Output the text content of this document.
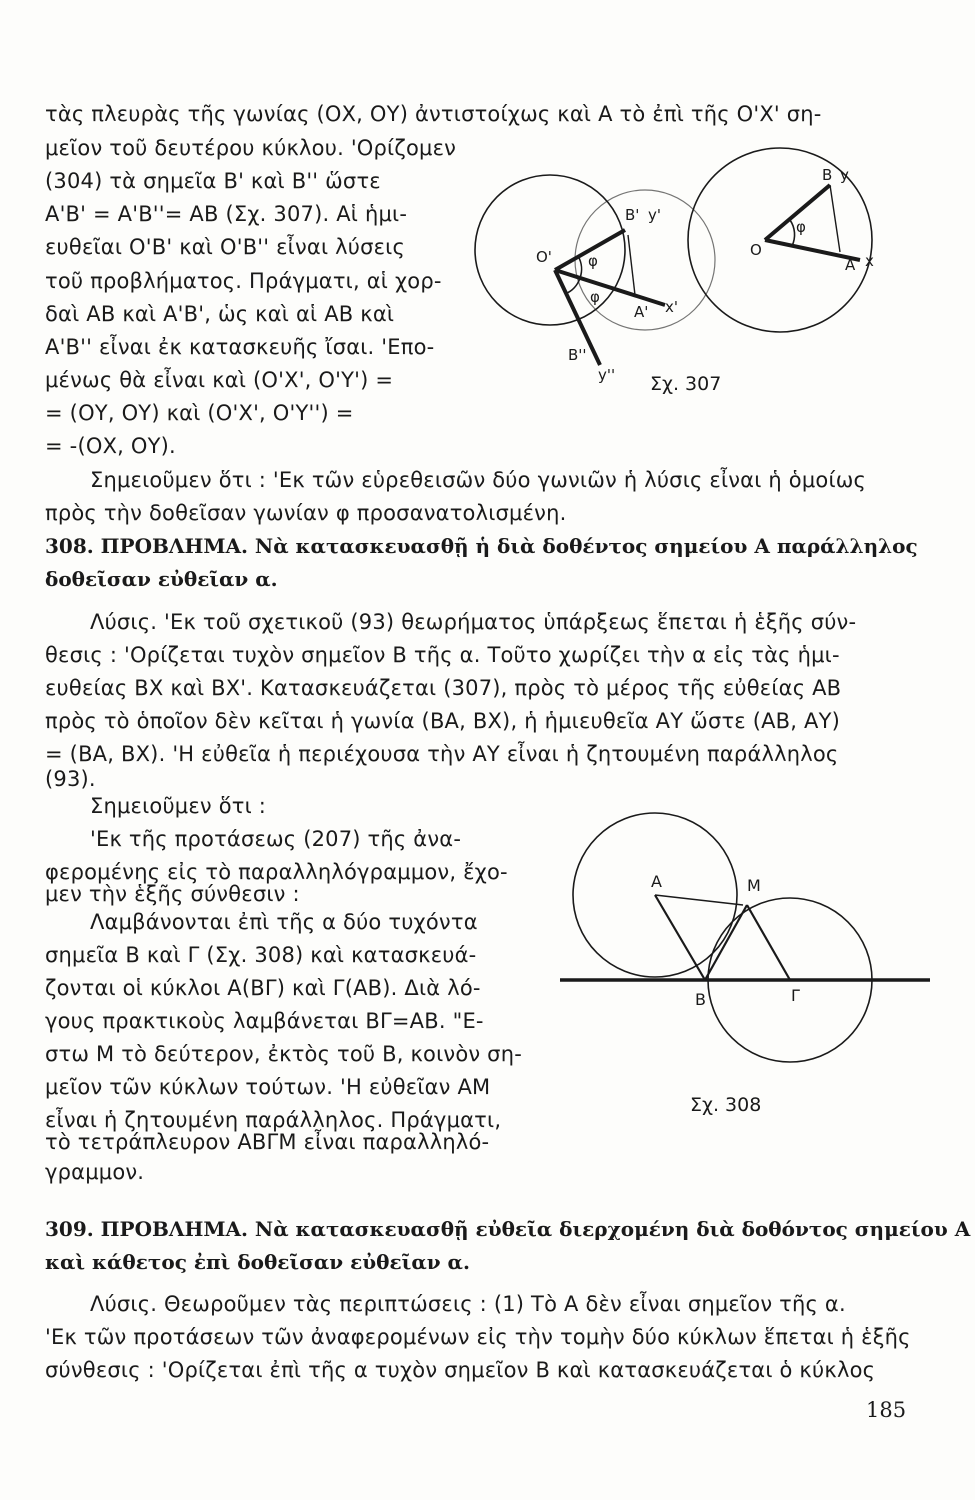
τὰς πλευρὰς τῆς γωνίας (ΟΧ, ΟΥ) ἀντιστοίχως καὶ Α τὸ ἐπὶ τῆς Ο'Χ' ση-
μεῖον τοῦ δευτέρου κύκλου. 'Ορίζομεν
(304) τὰ σημεῖα Β' καὶ Β'' ὥστε
Α'Β' = Α'Β''= ΑΒ (Σχ. 307). Αἱ ἡμι-
ευθεῖαι Ο'Β' καὶ Ο'Β'' εἶναι λύσεις
τοῦ προβλήματος. Πράγματι, αἱ χορ-
δαὶ ΑΒ καὶ Α'Β', ὡς καὶ αἱ ΑΒ καὶ
Α'Β'' εἶναι ἐκ κατασκευῆς ἴσαι. 'Επο-
μένως θὰ εἶναι καὶ (Ο'Χ', Ο'Υ') =
= (ΟΥ, ΟΥ) καὶ (Ο'Χ', Ο'Υ'') =
= -(ΟΧ, ΟΥ).
Σημειοῦμεν ὅτι : 'Εκ τῶν εὑρεθεισῶν δύο γωνιῶν ἡ λύσις εἶναι ἡ ὁμοίως
πρὸς τὴν δοθεῖσαν γωνίαν φ προσανατολισμένη.
Ο' φ
Β' y'
φ
Α' x'
Β''
y''
Ο
φ
Β y
Α x
Σχ. 307
308. ΠΡΟΒΛΗΜΑ. Νὰ κατασκευασθῇ ἡ διὰ δοθέντος σημείου Α παράλληλος
δοθεῖσαν εὐθεῖαν α.
Λύσις. 'Εκ τοῦ σχετικοῦ (93) θεωρήματος ὑπάρξεως ἕπεται ἡ ἑξῆς σύν-
θεσις : 'Ορίζεται τυχὸν σημεῖον Β τῆς α. Τοῦτο χωρίζει τὴν α εἰς τὰς ἡμι-
ευθείας ΒΧ καὶ ΒΧ'. Κατασκευάζεται (307), πρὸς τὸ μέρος τῆς εὐθείας ΑΒ
πρὸς τὸ ὁποῖον δὲν κεῖται ἡ γωνία (ΒΑ, ΒΧ), ἡ ἡμιευθεῖα ΑΥ ὥστε (ΑΒ, ΑΥ)
= (ΒΑ, ΒΧ). 'Η εὐθεῖα ἡ περιέχουσα τὴν ΑΥ εἶναι ἡ ζητουμένη παράλληλος
(93).
Σημειοῦμεν ὅτι :
'Εκ τῆς προτάσεως (207) τῆς ἀνα-
φερομένης εἰς τὸ παραλληλόγραμμον, ἔχο-
μεν τὴν ἑξῆς σύνθεσιν :
Λαμβάνονται ἐπὶ τῆς α δύο τυχόντα
σημεῖα Β καὶ Γ (Σχ. 308) καὶ κατασκευά-
ζονται οἱ κύκλοι Α(ΒΓ) καὶ Γ(ΑΒ). Διὰ λό-
γους πρακτικοὺς λαμβάνεται ΒΓ=ΑΒ. "Ε-
στω Μ τὸ δεύτερον, ἐκτὸς τοῦ Β, κοινὸν ση-
μεῖον τῶν κύκλων τούτων. 'Η εὐθεῖαν ΑΜ
εἶναι ἡ ζητουμένη παράλληλος. Πράγματι,
τὸ τετράπλευρον ΑΒΓΜ εἶναι παραλληλό-
γραμμον.
Α	Μ
Β	Γ
Σχ. 308
309. ΠΡΟΒΛΗΜΑ. Νὰ κατασκευασθῇ εὐθεῖα διερχομένη διὰ δοθόντος σημείου Α
καὶ κάθετος ἐπὶ δοθεῖσαν εὐθεῖαν α.
Λύσις. Θεωροῦμεν τὰς περιπτώσεις : (1) Τὸ Α δὲν εἶναι σημεῖον τῆς α.
'Εκ τῶν προτάσεων τῶν ἀναφερομένων εἰς τὴν τομὴν δύο κύκλων ἕπεται ἡ ἑξῆς
σύνθεσις : 'Ορίζεται ἐπὶ τῆς α τυχὸν σημεῖον Β καὶ κατασκευάζεται ὁ κύκλος
185
